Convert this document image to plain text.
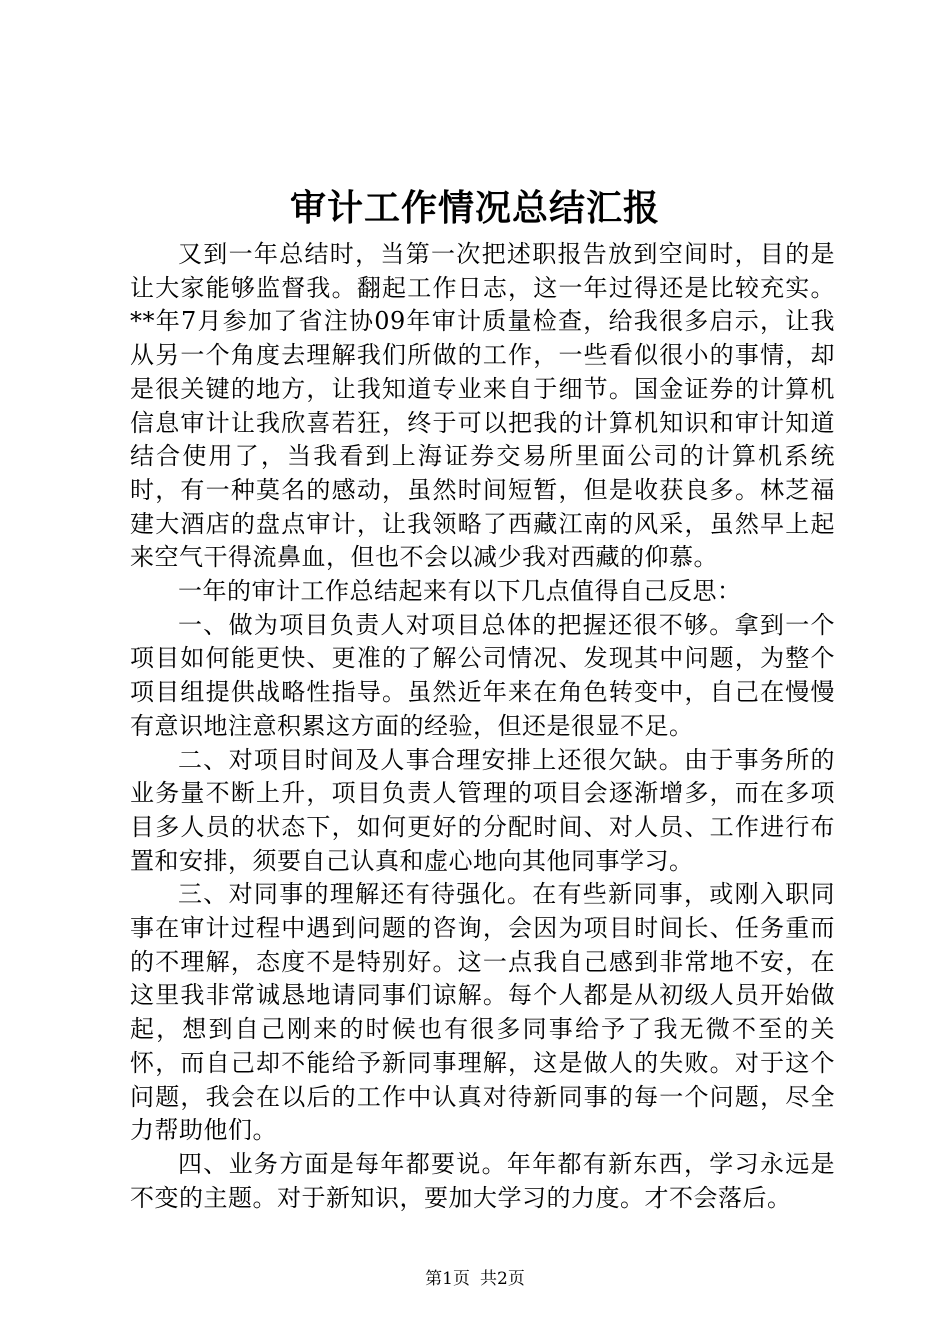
审计工作情况总结汇报

又到一年总结时，当第一次把述职报告放到空间时，目的是让大家能够监督我。翻起工作日志，这一年过得还是比较充实。**年7月参加了省注协09年审计质量检查，给我很多启示，让我从另一个角度去理解我们所做的工作，一些看似很小的事情，却是很关键的地方，让我知道专业来自于细节。国金证券的计算机信息审计让我欣喜若狂，终于可以把我的计算机知识和审计知道结合使用了，当我看到上海证券交易所里面公司的计算机系统时，有一种莫名的感动，虽然时间短暂，但是收获良多。林芝福建大酒店的盘点审计，让我领略了西藏江南的风采，虽然早上起来空气干得流鼻血，但也不会以减少我对西藏的仰慕。

一年的审计工作总结起来有以下几点值得自己反思：

一、做为项目负责人对项目总体的把握还很不够。拿到一个项目如何能更快、更准的了解公司情况、发现其中问题，为整个项目组提供战略性指导。虽然近年来在角色转变中，自己在慢慢有意识地注意积累这方面的经验，但还是很显不足。

二、对项目时间及人事合理安排上还很欠缺。由于事务所的业务量不断上升，项目负责人管理的项目会逐渐增多，而在多项目多人员的状态下，如何更好的分配时间、对人员、工作进行布置和安排，须要自己认真和虚心地向其他同事学习。

三、对同事的理解还有待强化。在有些新同事，或刚入职同事在审计过程中遇到问题的咨询，会因为项目时间长、任务重而的不理解，态度不是特别好。这一点我自己感到非常地不安，在这里我非常诚恳地请同事们谅解。每个人都是从初级人员开始做起，想到自己刚来的时候也有很多同事给予了我无微不至的关怀，而自己却不能给予新同事理解，这是做人的失败。对于这个问题，我会在以后的工作中认真对待新同事的每一个问题，尽全力帮助他们。

四、业务方面是每年都要说。年年都有新东西，学习永远是不变的主题。对于新知识，要加大学习的力度。才不会落后。

第1页 共2页
